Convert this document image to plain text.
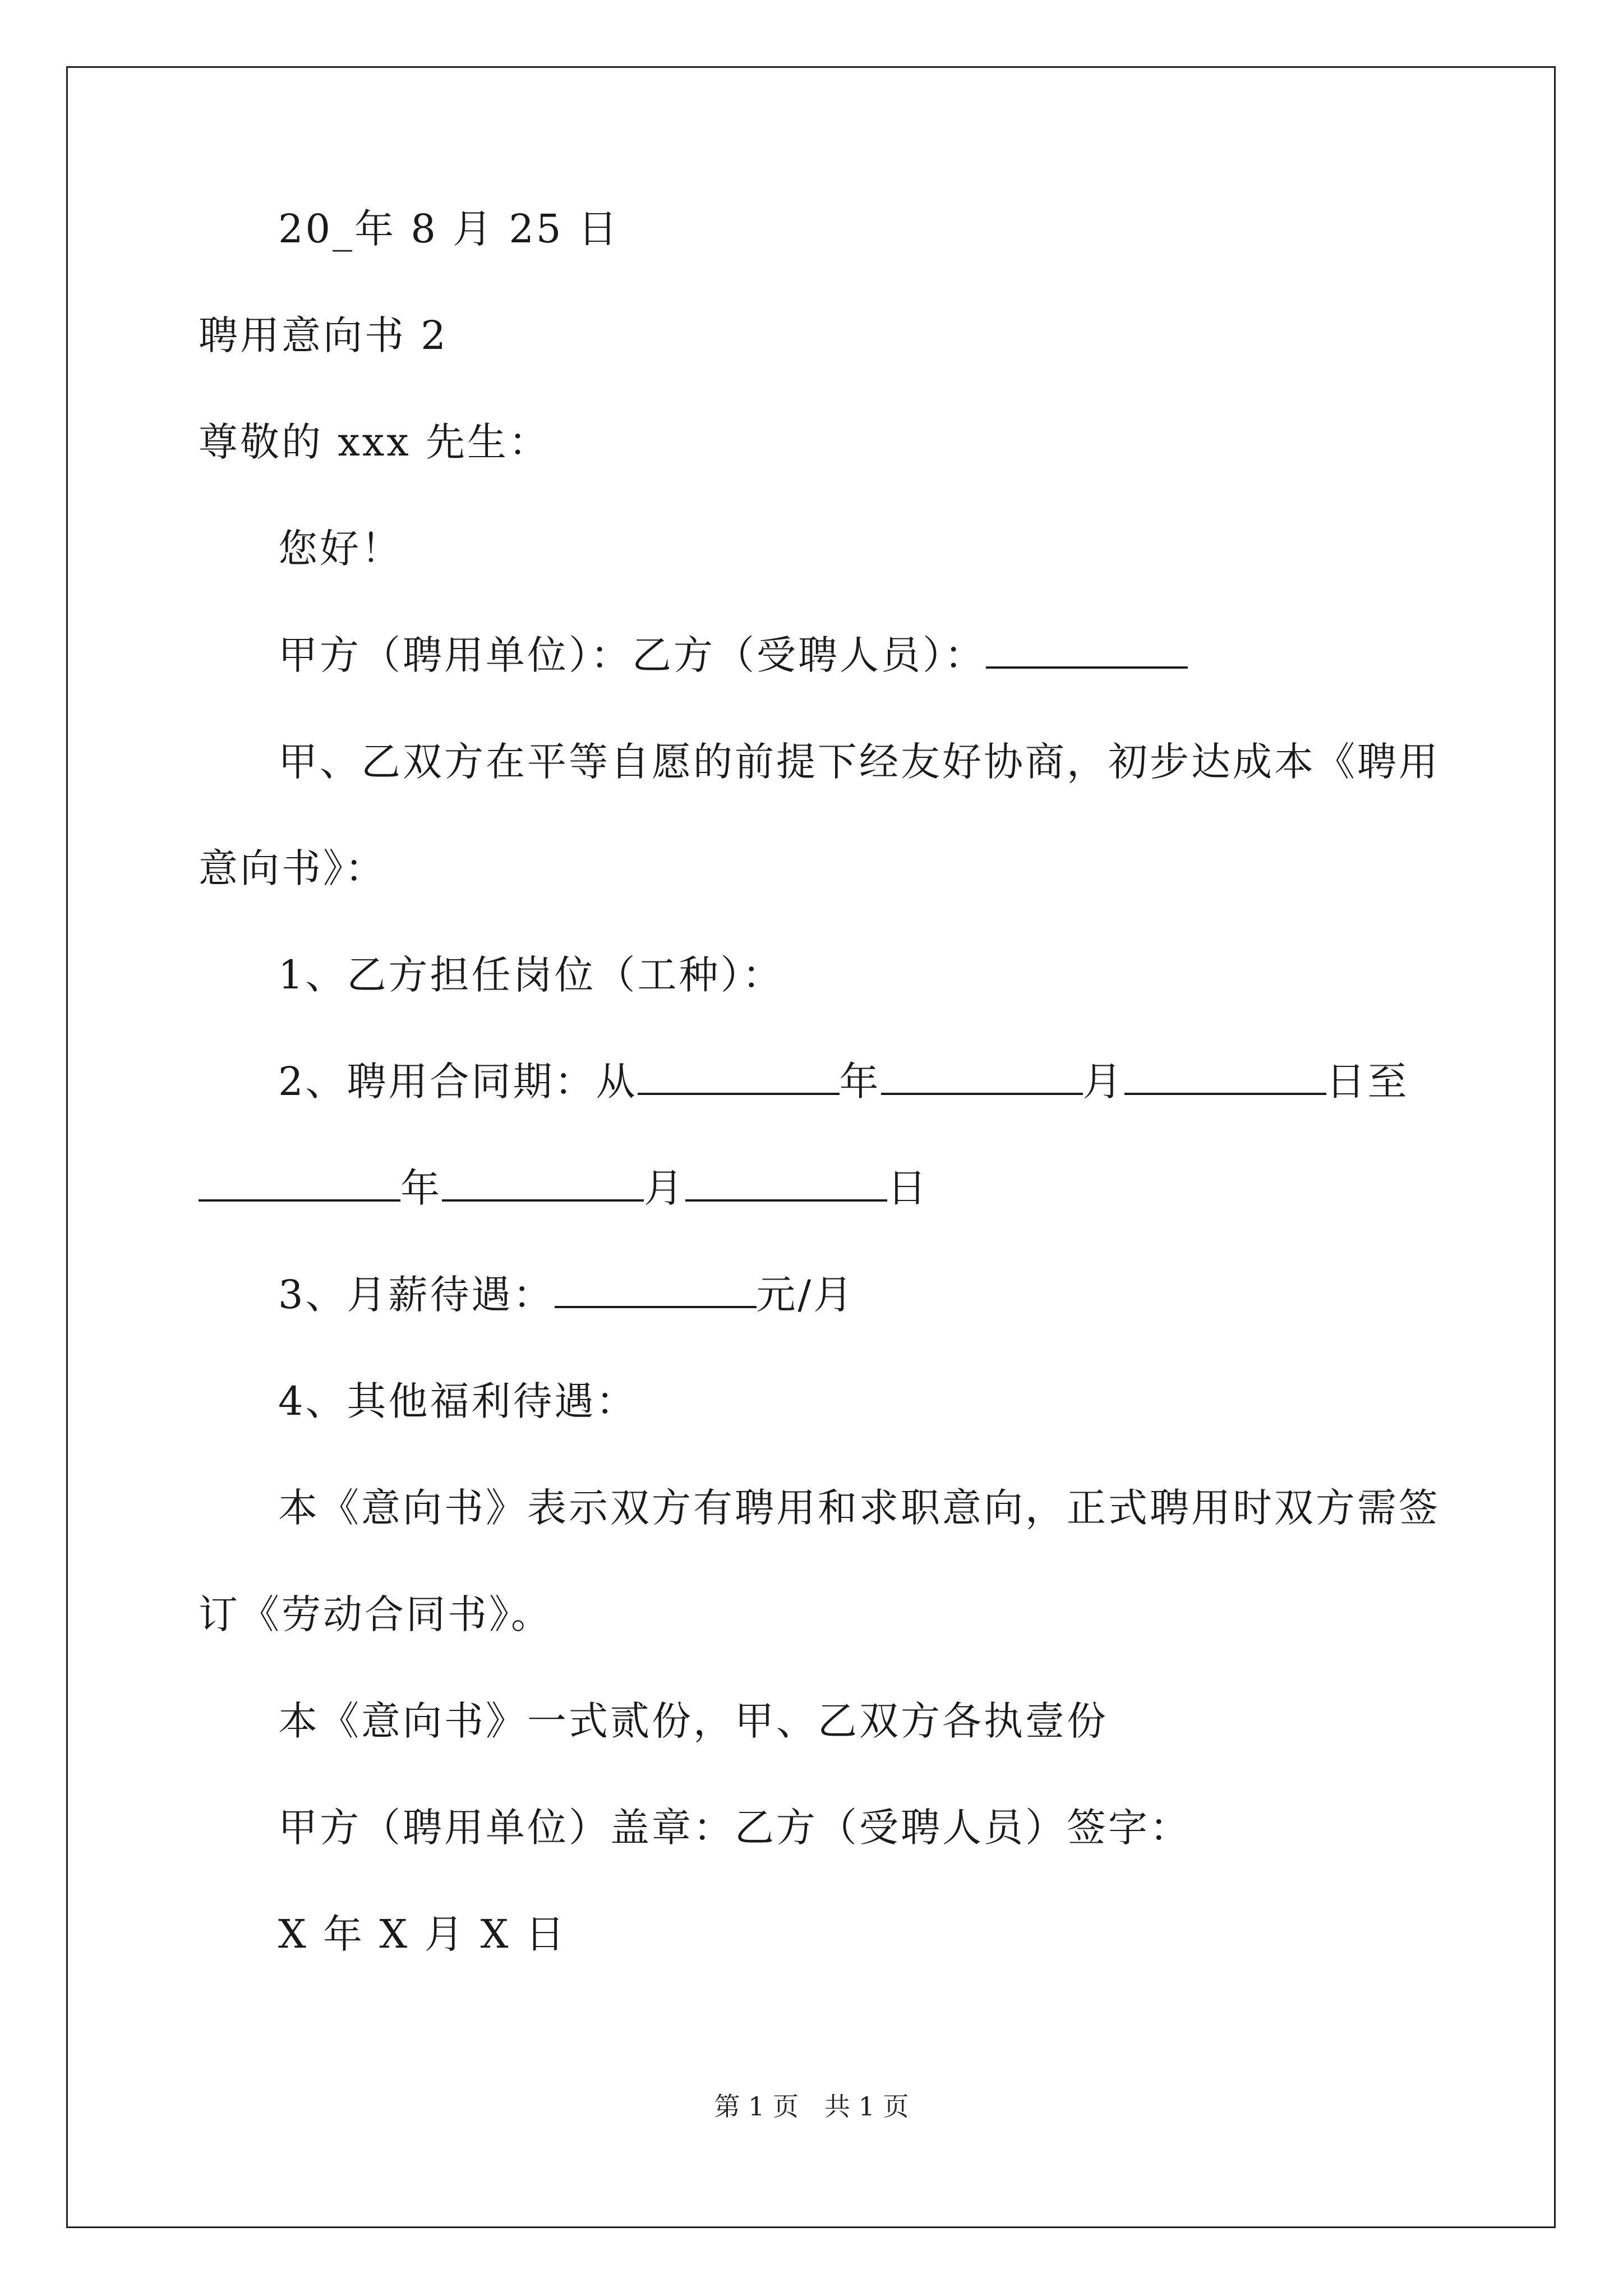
20_年 8 月 25 日
聘用意向书 2
尊敬的 xxx 先生：
您好！
甲方（聘用单位）：乙方（受聘人员）：
甲、乙双方在平等自愿的前提下经友好协商，初步达成本《聘用
意向书》：
1、乙方担任岗位（工种）：
2、聘用合同期：从	年	月	日至
年	月	日
3、月薪待遇：	元/月
4、其他福利待遇：
本《意向书》表示双方有聘用和求职意向，正式聘用时双方需签
订《劳动合同书》。
本《意向书》一式贰份，甲、乙双方各执壹份
甲方（聘用单位）盖章：乙方（受聘人员）签字：
X 年 X 月 X 日
第 1 页　共 1 页
